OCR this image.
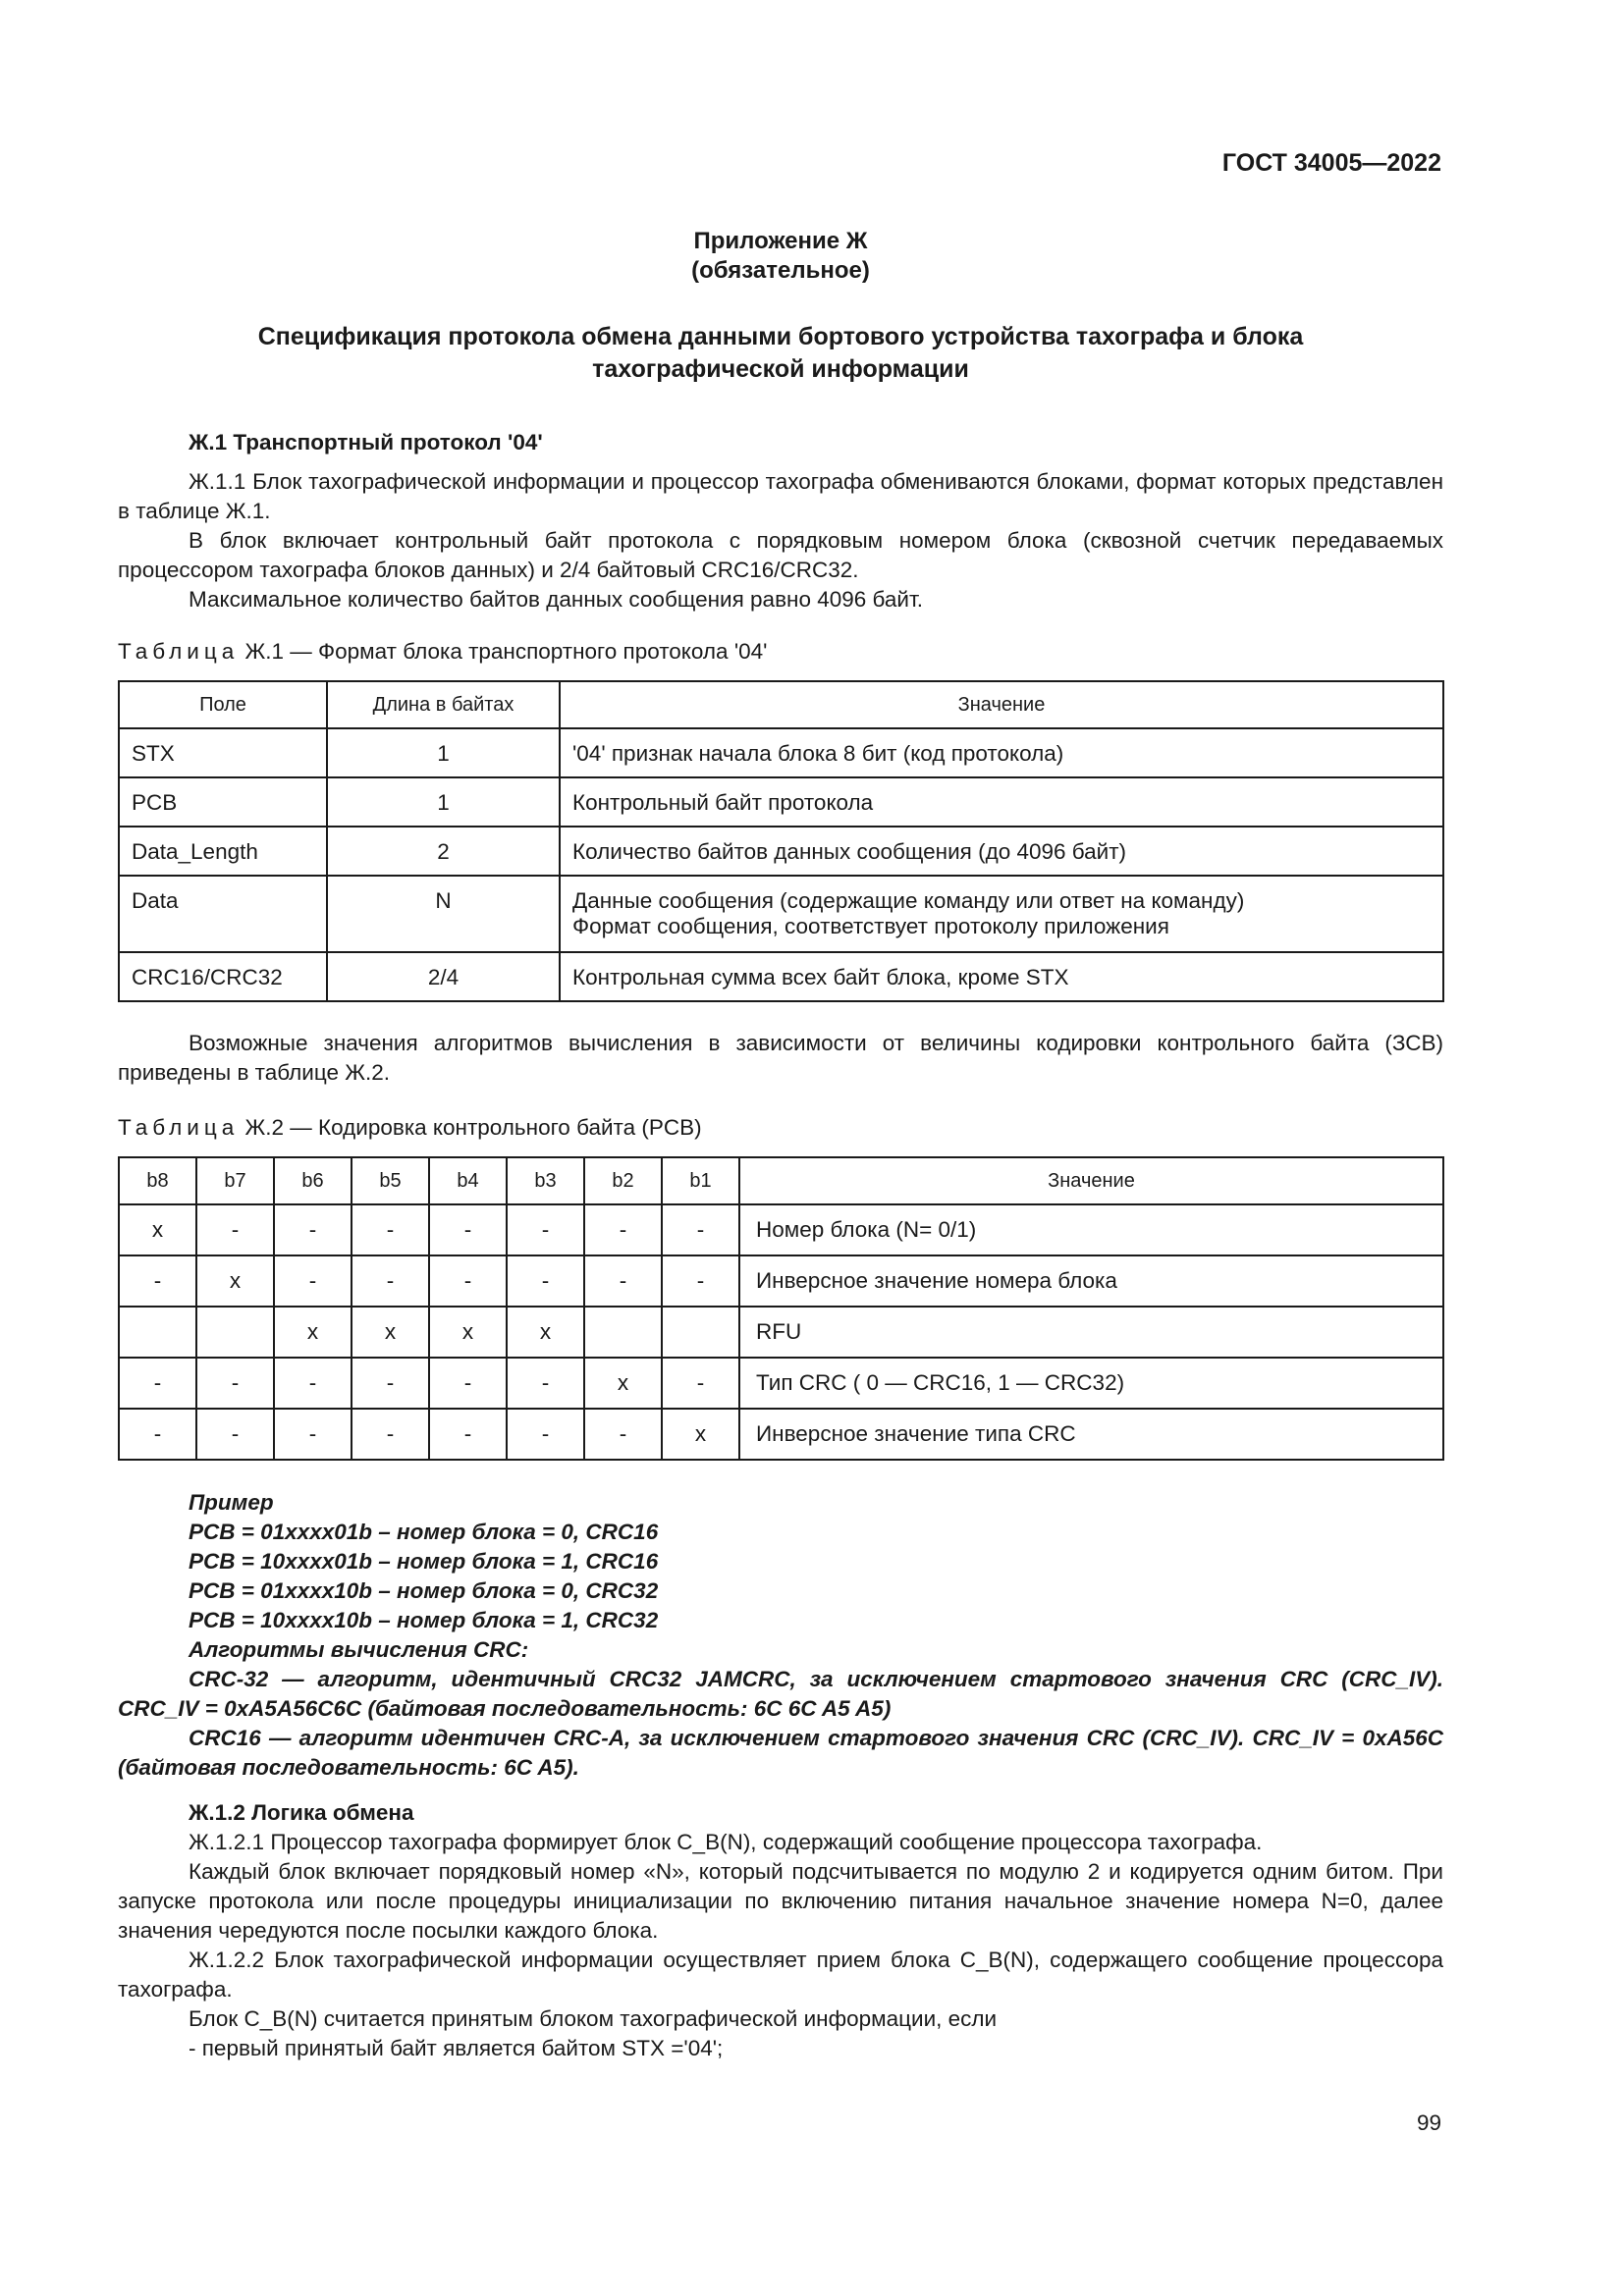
ГОСТ 34005—2022
Приложение Ж
(обязательное)
Спецификация протокола обмена данными бортового устройства тахографа и блока
тахографической информации
Ж.1 Транспортный протокол '04'
Ж.1.1 Блок тахографической информации и процессор тахографа обмениваются блоками, формат которых представлен в таблице Ж.1.
В блок включает контрольный байт протокола с порядковым номером блока (сквозной счетчик передаваемых процессором тахографа блоков данных) и 2/4 байтовый CRC16/CRC32.
Максимальное количество байтов данных сообщения равно 4096 байт.
Таблица Ж.1 — Формат блока транспортного протокола '04'
Поле	Длина в байтах	Значение
STX	1	'04' признак начала блока 8 бит (код протокола)
PCB	1	Контрольный байт протокола
Data_Length	2	Количество байтов данных сообщения (до 4096 байт)
Data	N	Данные сообщения (содержащие команду или ответ на команду)
Формат сообщения, соответствует протоколу приложения

CRC16/CRC32	2/4	Контрольная сумма всех байт блока, кроме STX
Возможные значения алгоритмов вычисления в зависимости от величины кодировки контрольного байта (ЗСВ) приведены в таблице Ж.2.
Таблица Ж.2 — Кодировка контрольного байта (PCB)
b8	b7	b6	b5	b4	b3	b2	b1	Значение
x	-	-	-	-	-	-	-	Номер блока (N= 0/1)
-	x	-	-	-	-	-	-	Инверсное значение номера блока
		x	x	x	x			RFU
-	-	-	-	-	-	x	-	Тип CRC ( 0 — CRC16, 1 — CRC32)
-	-	-	-	-	-	-	x	Инверсное значение типа CRC
Пример
PCB = 01xxxx01b – номер блока = 0, CRC16
PCB = 10xxxx01b – номер блока = 1, CRC16
PCB = 01xxxx10b – номер блока = 0, CRC32
PCB = 10xxxx10b – номер блока = 1, CRC32
Алгоритмы вычисления CRC:
CRC-32 — алгоритм, идентичный CRC32 JAMCRC, за исключением стартового значения CRC (CRC_IV). CRC_IV = 0xA5A56C6C (байтовая последовательность: 6C 6C A5 A5)
CRC16 — алгоритм идентичен CRC-A, за исключением стартового значения CRC (CRC_IV). CRC_IV = 0xA56C (байтовая последовательность: 6C A5).
Ж.1.2 Логика обмена
Ж.1.2.1 Процессор тахографа формирует блок C_B(N), содержащий сообщение процессора тахографа.
Каждый блок включает порядковый номер «N», который подсчитывается по модулю 2 и кодируется одним битом. При запуске протокола или после процедуры инициализации по включению питания начальное значение номера N=0, далее значения чередуются после посылки каждого блока.
Ж.1.2.2 Блок тахографической информации осуществляет прием блока C_B(N), содержащего сообщение процессора тахографа.
Блок C_B(N) считается принятым блоком тахографической информации, если
- первый принятый байт является байтом STX ='04';
99
